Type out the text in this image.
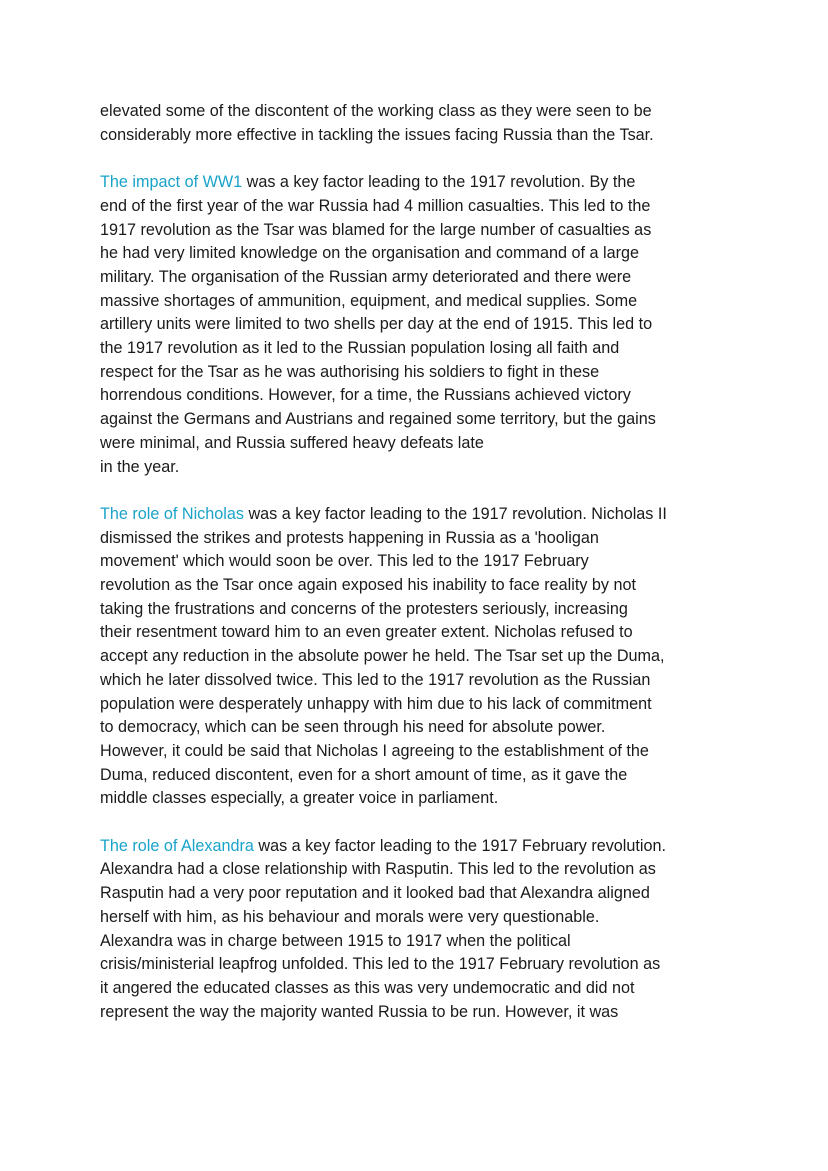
elevated some of the discontent of the working class as they were seen to be
considerably more effective in tackling the issues facing Russia than the Tsar.
The impact of WW1 was a key factor leading to the 1917 revolution. By the
end of the first year of the war Russia had 4 million casualties. This led to the
1917 revolution as the Tsar was blamed for the large number of casualties as
he had very limited knowledge on the organisation and command of a large
military. The organisation of the Russian army deteriorated and there were
massive shortages of ammunition, equipment, and medical supplies. Some
artillery units were limited to two shells per day at the end of 1915. This led to
the 1917 revolution as it led to the Russian population losing all faith and
respect for the Tsar as he was authorising his soldiers to fight in these
horrendous conditions. However, for a time, the Russians achieved victory
against the Germans and Austrians and regained some territory, but the gains
were minimal, and Russia suffered heavy defeats late
in the year.
The role of Nicholas was a key factor leading to the 1917 revolution. Nicholas II
dismissed the strikes and protests happening in Russia as a 'hooligan
movement' which would soon be over. This led to the 1917 February
revolution as the Tsar once again exposed his inability to face reality by not
taking the frustrations and concerns of the protesters seriously, increasing
their resentment toward him to an even greater extent. Nicholas refused to
accept any reduction in the absolute power he held. The Tsar set up the Duma,
which he later dissolved twice. This led to the 1917 revolution as the Russian
population were desperately unhappy with him due to his lack of commitment
to democracy, which can be seen through his need for absolute power.
However, it could be said that Nicholas I agreeing to the establishment of the
Duma, reduced discontent, even for a short amount of time, as it gave the
middle classes especially, a greater voice in parliament.
The role of Alexandra was a key factor leading to the 1917 February revolution.
Alexandra had a close relationship with Rasputin. This led to the revolution as
Rasputin had a very poor reputation and it looked bad that Alexandra aligned
herself with him, as his behaviour and morals were very questionable.
Alexandra was in charge between 1915 to 1917 when the political
crisis/ministerial leapfrog unfolded. This led to the 1917 February revolution as
it angered the educated classes as this was very undemocratic and did not
represent the way the majority wanted Russia to be run. However, it was
